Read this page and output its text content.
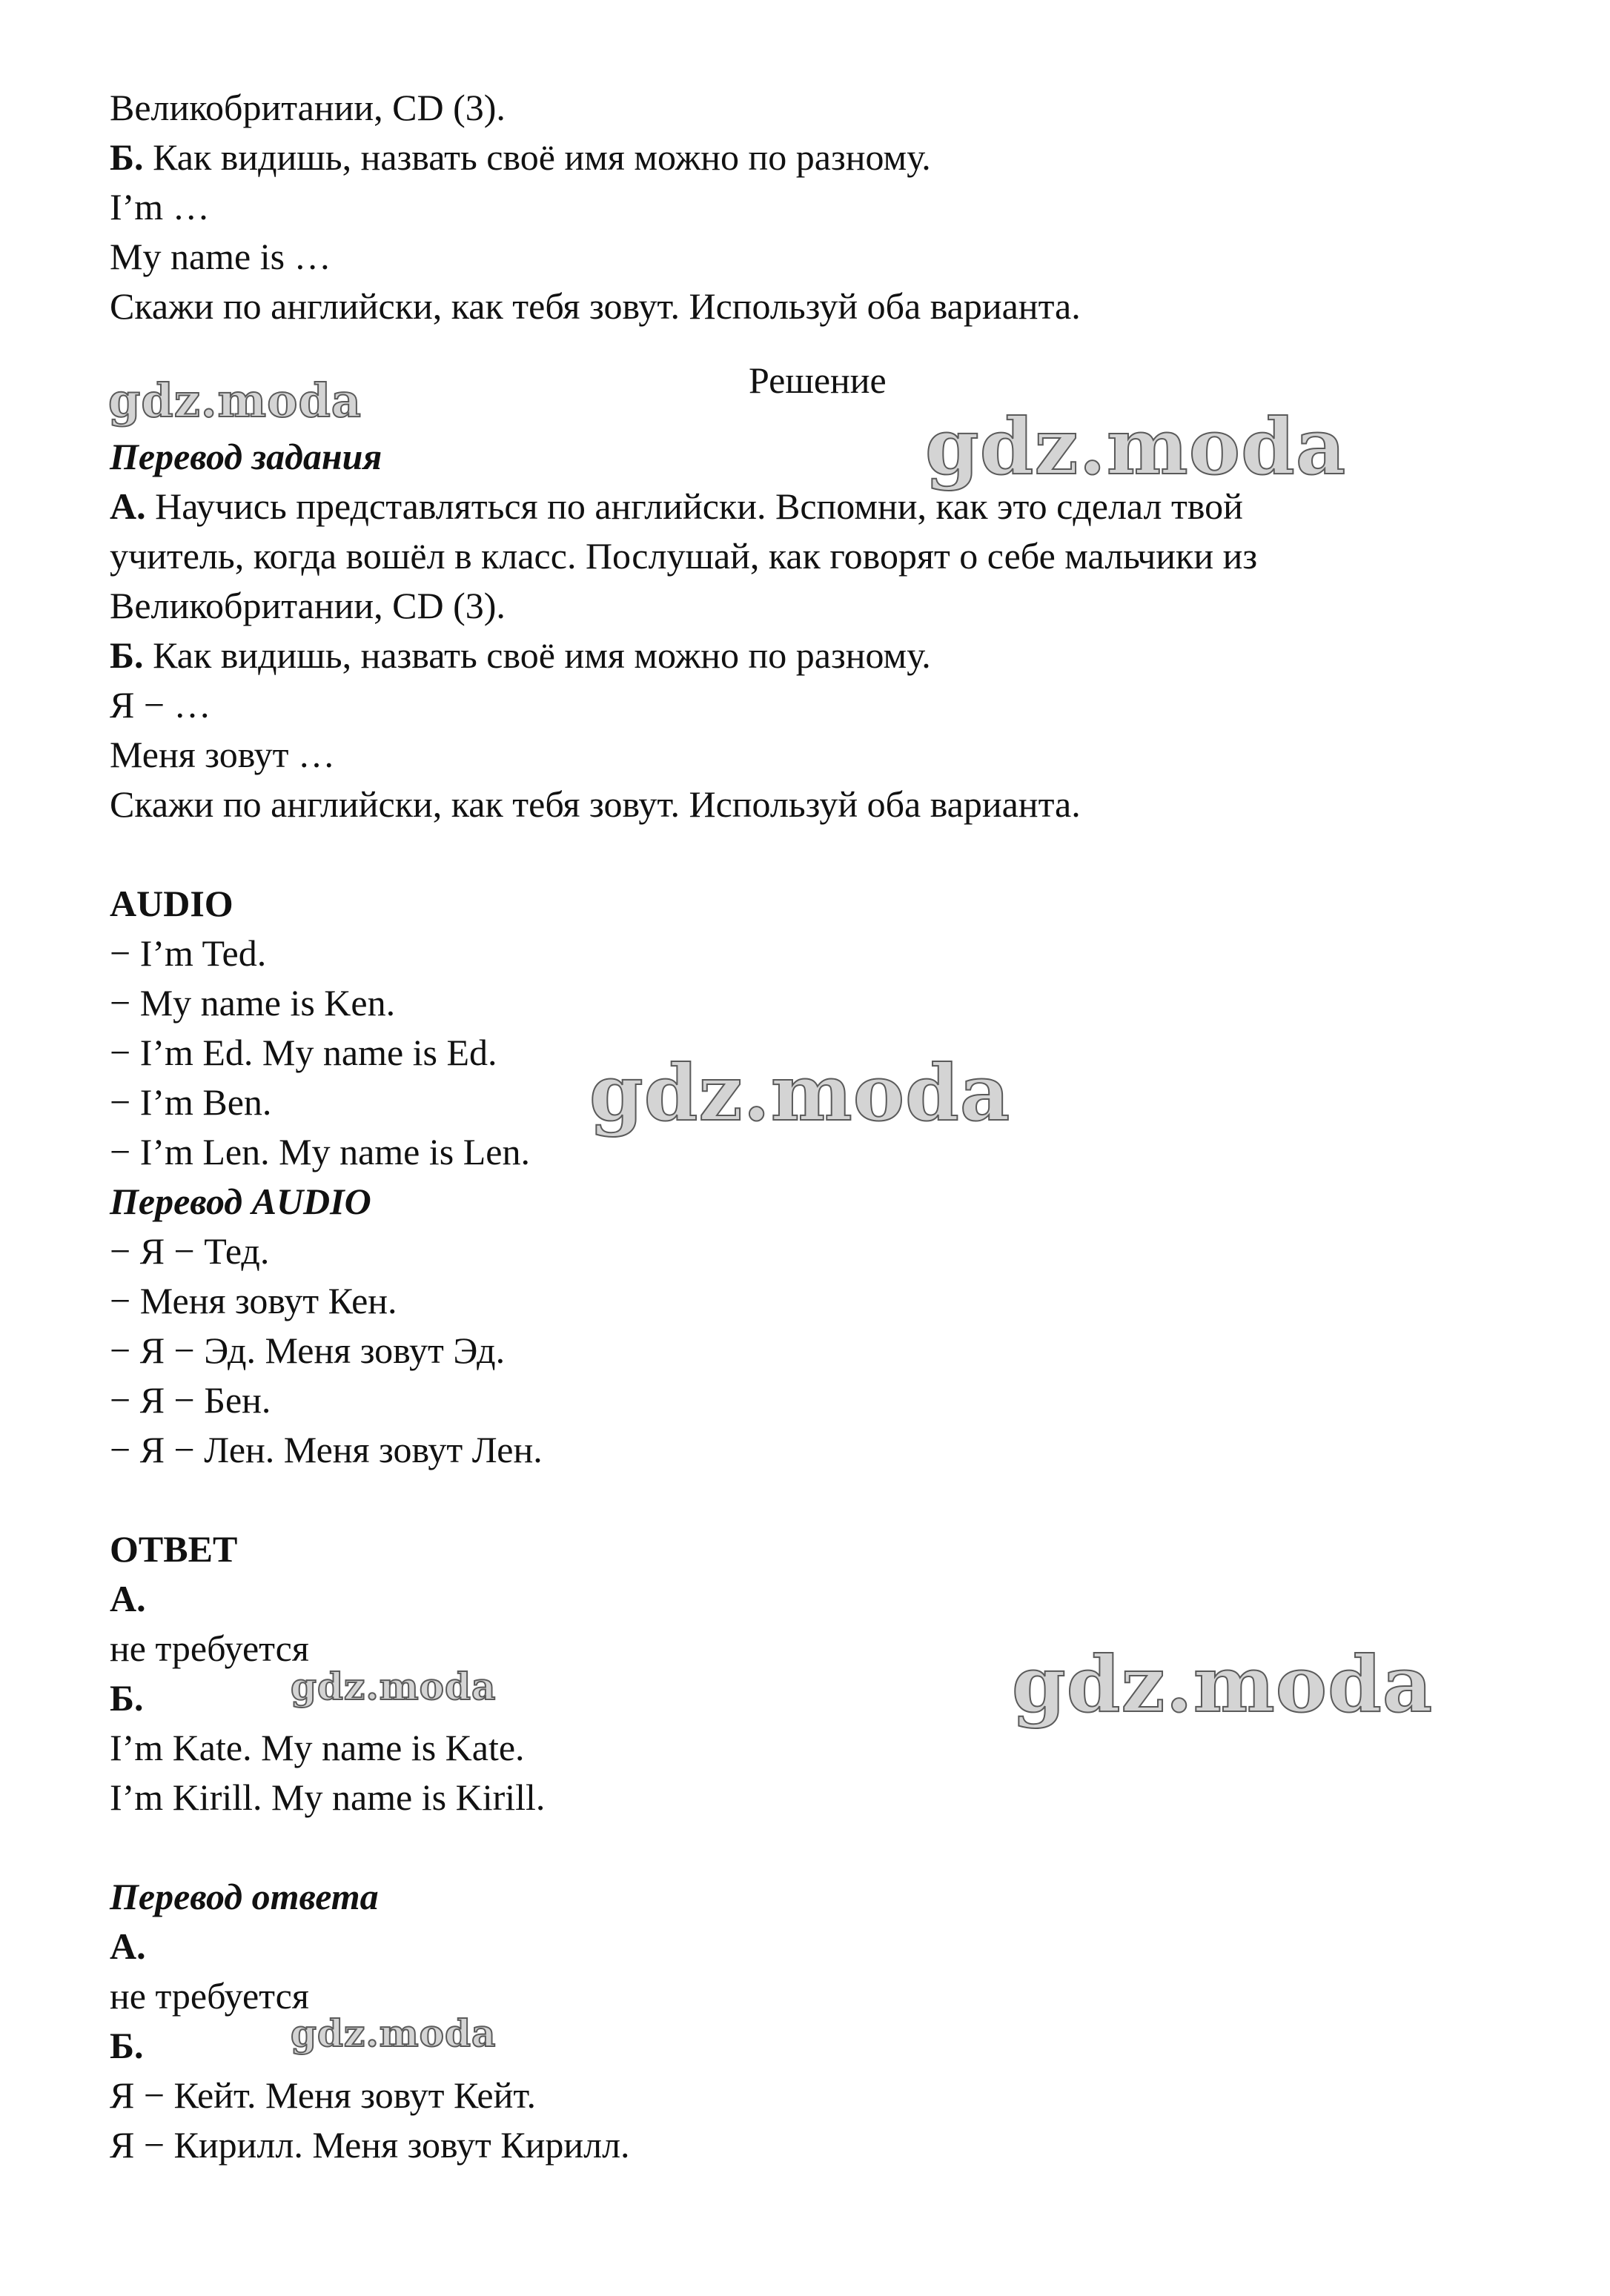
Великобритании, CD (3).
Б. Как видишь, назвать своё имя можно по разному.
I’m …
My name is …
Скажи по английски, как тебя зовут. Используй оба варианта.
Решение
Перевод задания
А. Научись представляться по английски. Вспомни, как это сделал твой
учитель, когда вошёл в класс. Послушай, как говорят о себе мальчики из
Великобритании, CD (3).
Б. Как видишь, назвать своё имя можно по разному.
Я − …
Меня зовут …
Скажи по английски, как тебя зовут. Используй оба варианта.
AUDIO
− I’m Ted.
− My name is Ken.
− I’m Ed. My name is Ed.
− I’m Ben.
− I’m Len. My name is Len.
Перевод AUDIO
− Я − Тед.
− Меня зовут Кен.
− Я − Эд. Меня зовут Эд.
− Я − Бен.
− Я − Лен. Меня зовут Лен.
ОТВЕТ
А.
не требуется
Б.
I’m Kate. My name is Kate.
I’m Kirill. My name is Kirill.
Перевод ответа
А.
не требуется
Б.
Я − Кейт. Меня зовут Кейт.
Я − Кирилл. Меня зовут Кирилл.
gdz.moda
gdz.moda
gdz.moda
gdz.moda
gdz.moda
gdz.moda
